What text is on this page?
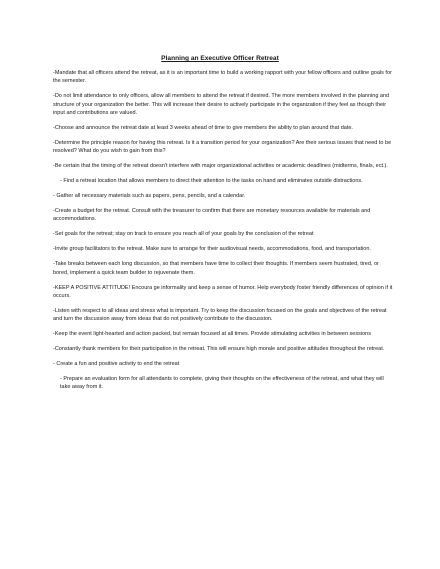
Planning an Executive Officer Retreat

-Mandate that all officers attend the retreat, as it is an important time to build a working rapport with your fellow officers and outline goals for the semester.

-Do not limit attendance to only officers, allow all members to attend the retreat if desired. The more members involved in the planning and structure of your organization the better. This will increase their desire to actively participate in the organization if they feel as though their input and contributions are valued.

-Choose and announce the retreat date at least 3 weeks ahead of time to give members the ability to plan around that date.

-Determine the principle reason for having this retreat. Is it a transition period for your organization? Are their serious issues that need to be resolved? What do you wish to gain from this?

-Be certain that the timing of the retreat doesn't interfere with major organizational activities or academic deadlines (midterms, finals, ect.).

- Find a retreat location that allows members to direct their attention to the tasks on hand and eliminates outside distractions.

- Gather all necessary materials such as papers, pens, pencils, and a calendar.

-Create a budget for the retreat. Consult with the treasurer to confirm that there are monetary resources available for materials and accommodations.

-Set goals for the retreat; stay on track to ensure you reach all of your goals by the conclusion of the retreat

-Invite group facilitators to the retreat. Make sure to arrange for their audiovisual needs, accommodations, food, and transportation.

-Take breaks between each long discussion, so that members have time to collect their thoughts. If members seem frustrated, tired, or bored, implement a quick team builder to rejuvenate them.

-KEEP A POSITIVE ATTITUDE! Encoura ge informality and keep a sense of humor. Help everybody foster friendly differences of opinion if it occurs.

-Listen with respect to all ideas and stress what is important. Try to keep the discussion focused on the goals and objectives of the retreat and turn the discussion away from ideas that do not positively contribute to the discussion.

-Keep the event light-hearted and action packed, but remain focused at all times. Provide stimulating activities in between sessions

-Constantly thank members for their participation in the retreat. This will ensure high morale and positive attitudes throughout the retreat.

- Create a fun and positive activity to end the retreat

- Prepare an evaluation form for all attendants to complete, giving their thoughts on the effectiveness of the retreat, and what they will take away from it.
